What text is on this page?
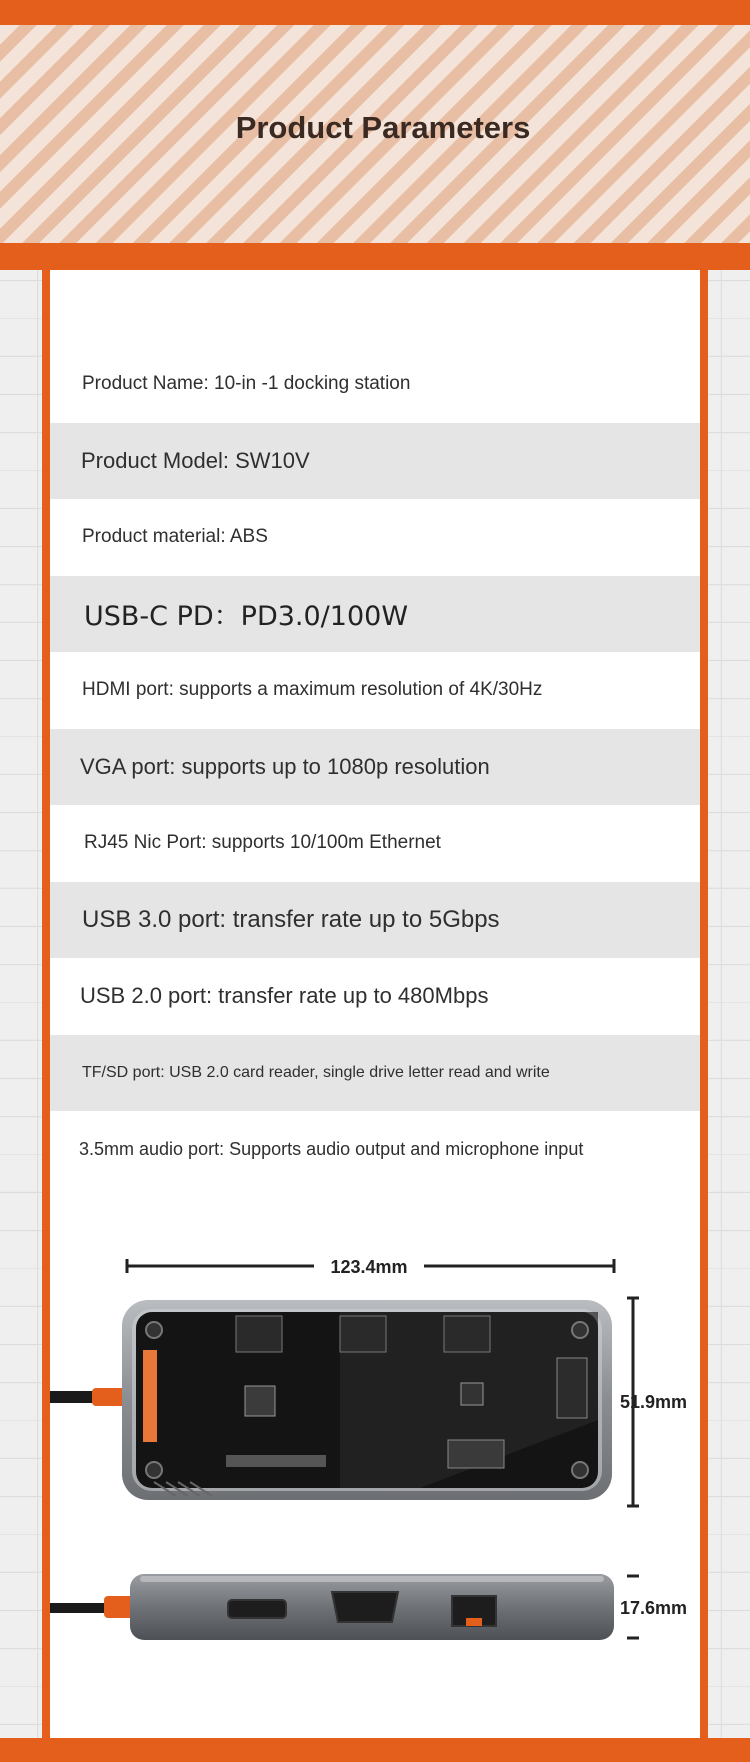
Product Parameters
Product Name: 10-in -1 docking station
Product Model: SW10V
Product material: ABS
USB-C PD：PD3.0/100W
HDMI port: supports a maximum resolution of 4K/30Hz
VGA port: supports up to 1080p resolution
RJ45 Nic Port: supports 10/100m Ethernet
USB 3.0 port: transfer rate up to 5Gbps
USB 2.0 port: transfer rate up to 480Mbps
TF/SD port: USB 2.0 card reader, single drive letter read and write
3.5mm audio port: Supports audio output and microphone input
123.4mm
51.9mm
17.6mm
